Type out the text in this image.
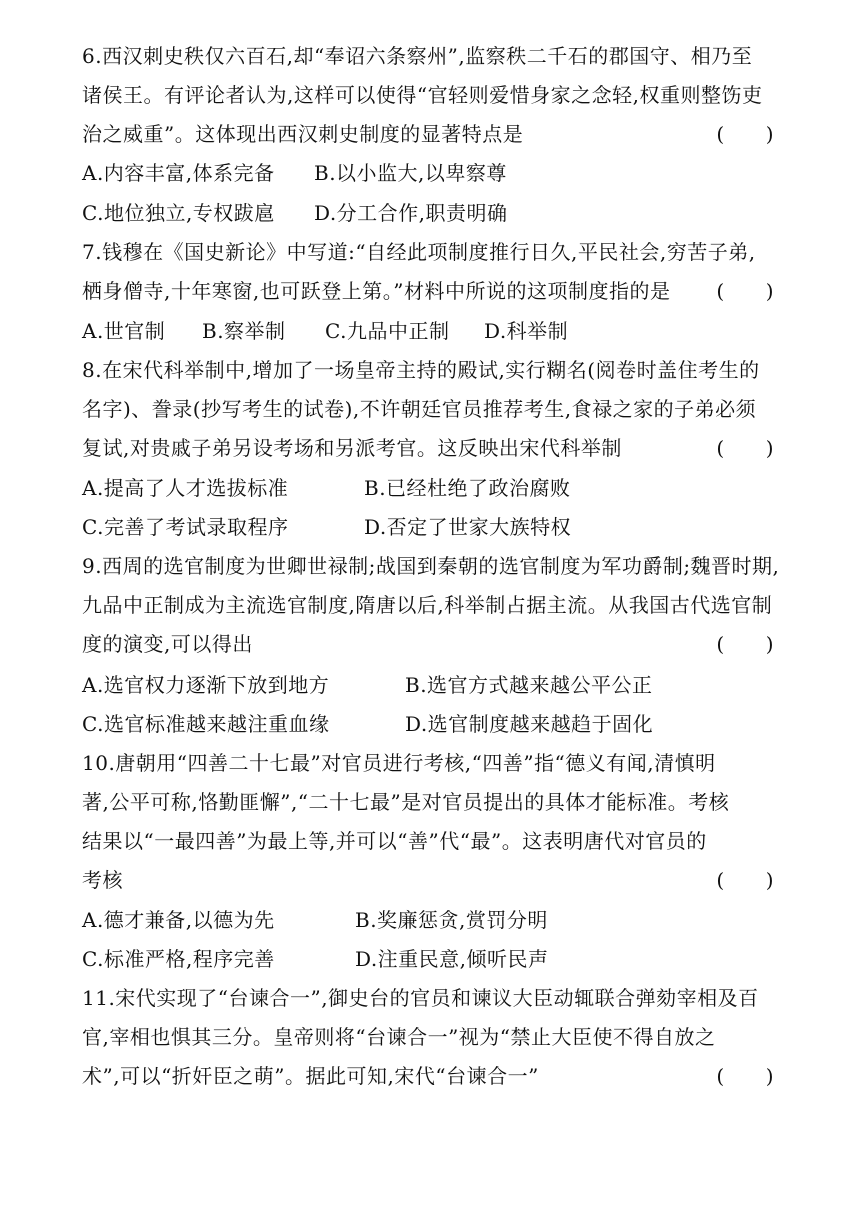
6.西汉刺史秩仅六百石,却“奉诏六条察州”,监察秩二千石的郡国守、相乃至
诸侯王。有评论者认为,这样可以使得“官轻则爱惜身家之念轻,权重则整饬吏
治之威重”。这体现出西汉刺史制度的显著特点是	(　　)
A.内容丰富,体系完备 B.以小监大,以卑察尊
C.地位独立,专权跋扈 D.分工合作,职责明确
7.钱穆在《国史新论》中写道:“自经此项制度推行日久,平民社会,穷苦子弟,
栖身僧寺,十年寒窗,也可跃登上第。”材料中所说的这项制度指的是 (　　)
A.世官制 B.察举制 C.九品中正制 D.科举制
8.在宋代科举制中,增加了一场皇帝主持的殿试,实行糊名(阅卷时盖住考生的
名字)、誊录(抄写考生的试卷),不许朝廷官员推荐考生,食禄之家的子弟必须
复试,对贵戚子弟另设考场和另派考官。这反映出宋代科举制	(　　)
A.提高了人才选拔标准	B.已经杜绝了政治腐败
C.完善了考试录取程序	D.否定了世家大族特权
9.西周的选官制度为世卿世禄制;战国到秦朝的选官制度为军功爵制;魏晋时期,
九品中正制成为主流选官制度,隋唐以后,科举制占据主流。从我国古代选官制
度的演变,可以得出	(　　)
A.选官权力逐渐下放到地方	B.选官方式越来越公平公正
C.选官标准越来越注重血缘	D.选官制度越来越趋于固化
10.唐朝用“四善二十七最”对官员进行考核,“四善”指“德义有闻,清慎明
著,公平可称,恪勤匪懈”,“二十七最”是对官员提出的具体才能标准。考核
结果以“一最四善”为最上等,并可以“善”代“最”。这表明唐代对官员的
考核	(　　)
A.德才兼备,以德为先	B.奖廉惩贪,赏罚分明
C.标准严格,程序完善	D.注重民意,倾听民声
11.宋代实现了“台谏合一”,御史台的官员和谏议大臣动辄联合弹劾宰相及百
官,宰相也惧其三分。皇帝则将“台谏合一”视为“禁止大臣使不得自放之
术”,可以“折奸臣之萌”。据此可知,宋代“台谏合一”	(　　)
